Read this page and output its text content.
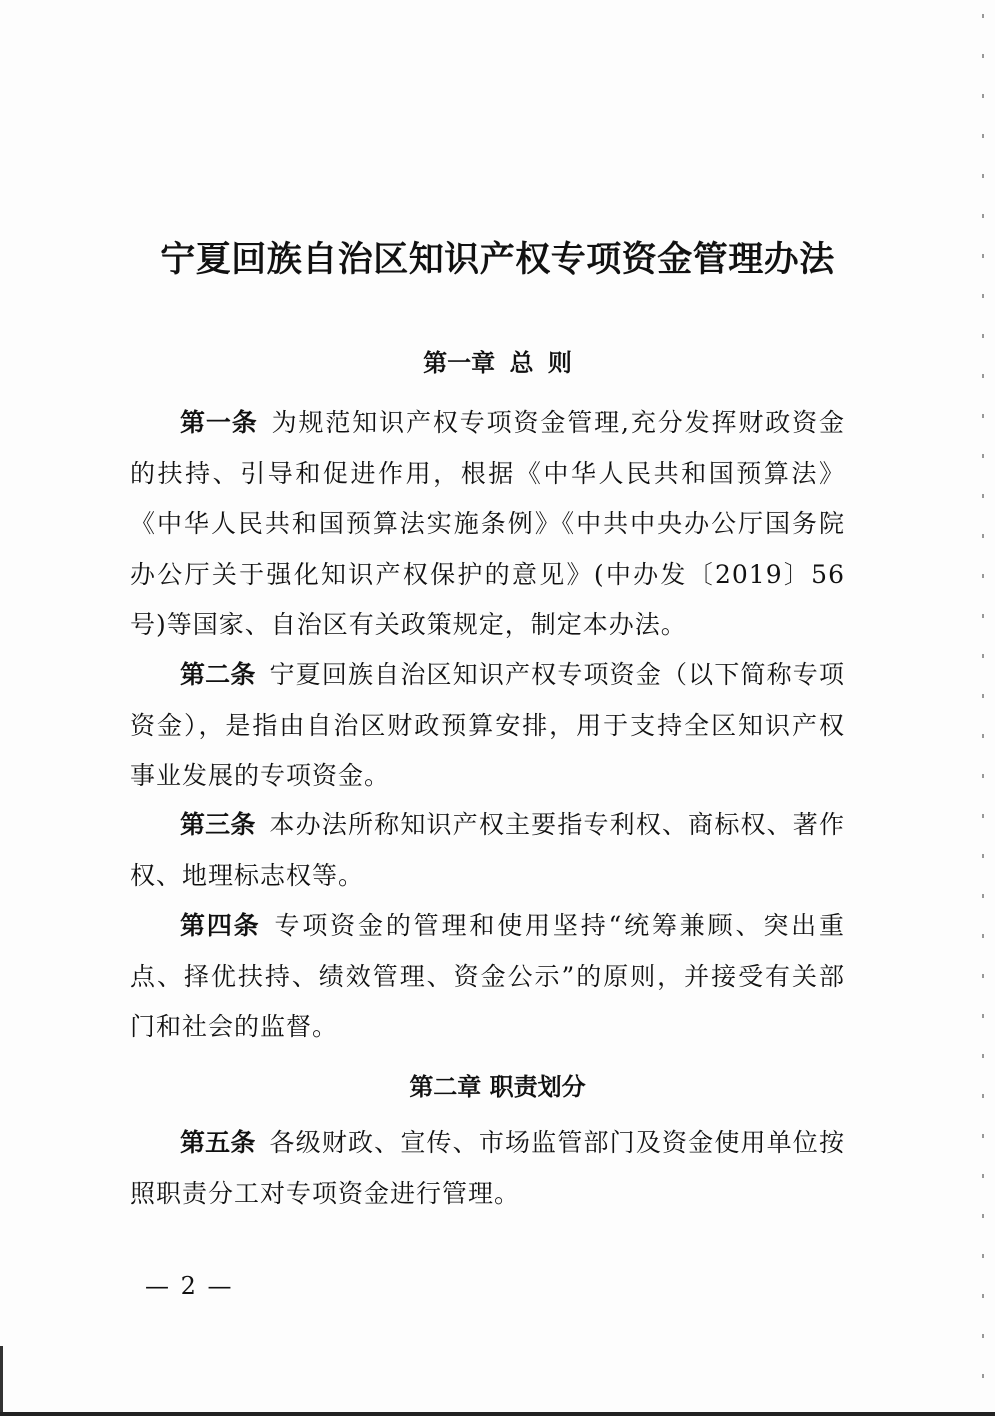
宁夏回族自治区知识产权专项资金管理办法
第一章 总 则
第一条 为规范知识产权专项资金管理,充分发挥财政资金的扶持、引导和促进作用，根据《中华人民共和国预算法》《中华人民共和国预算法实施条例》《中共中央办公厅国务院办公厅关于强化知识产权保护的意见》(中办发〔2019〕56号)等国家、自治区有关政策规定，制定本办法。
第二条 宁夏回族自治区知识产权专项资金（以下简称专项资金），是指由自治区财政预算安排，用于支持全区知识产权事业发展的专项资金。
第三条 本办法所称知识产权主要指专利权、商标权、著作权、地理标志权等。
第四条 专项资金的管理和使用坚持“统筹兼顾、突出重点、择优扶持、绩效管理、资金公示”的原则，并接受有关部门和社会的监督。
第二章 职责划分
第五条 各级财政、宣传、市场监管部门及资金使用单位按照职责分工对专项资金进行管理。
— 2 —
